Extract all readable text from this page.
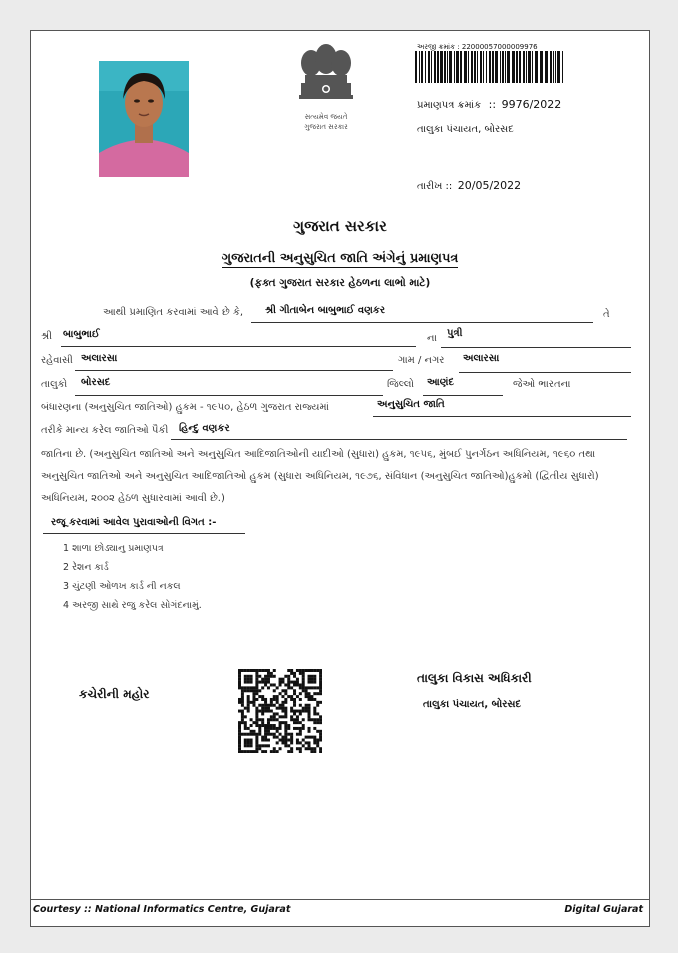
સત્યમેવ જયતે
ગુજરાત સરકાર
અરજી ક્રમાંક : 22000057000009976
પ્રમાણપત્ર ક્રમાંક :: 9976/2022
તાલુકા પંચાયત, બોરસદ
તારીખ :: 20/05/2022
ગુજરાત સરકાર
ગુજરાતની અનુસુચિત જાતિ અંગેનું પ્રમાણપત્ર
(ફક્ત ગુજરાત સરકાર હેઠળના લાભો માટે)
આથી પ્રમાણિત કરવામાં આવે છે કે, શ્રી ગીતાબેન બાબુભાઈ વણકર	તે
શ્રી બાબુભાઈ	ના પુત્રી
રહેવાસી અલારસા	ગામ / નગર અલારસા
તાલુકો બોરસદ	જિલ્લો આણંદ	જેઓ ભારતના
બંધારણના (અનુસુચિત જાતિઓ) હુકમ - ૧૯૫૦, હેઠળ ગુજરાત રાજ્યમાં	અનુસુચિત જાતિ
તરીકે માન્ય કરેલ જાતિઓ પૈકી હિન્દુ વણકર
જાતિના છે. (અનુસુચિત જાતિઓ અને અનુસુચિત આદિજાતિઓની યાદીઓ (સુધારા) હુકમ, ૧૯૫૬, મુંબઈ પુનર્ગઠન અધિનિયમ, ૧૯૬૦ તથા
અનુસુચિત જાતિઓ અને અનુસુચિત આદિજાતિઓ હુકમ (સુધારા અધિનિયમ, ૧૯૭૬, સંવિધાન (અનુસુચિત જાતિઓ)હુકમો (દ્વિતીય સુધારો)
અધિનિયમ, ૨૦૦૨ હેઠળ સુધારવામાં આવી છે.)
રજૂ કરવામાં આવેલ પુરાવાઓની વિગત :-
1 શાળા છોડ્યાનુ પ્રમાણપત્ર
2 રેશન કાર્ડ
3 ચુંટણી ઓળખ કાર્ડ ની નકલ
4 અરજી સાથે રજુ કરેલ સોગંદનામું.
કચેરીની મહોર
તાલુકા વિકાસ અધિકારી
તાલુકા પંચાયત, બોરસદ
Courtesy :: National Informatics Centre, Gujarat	Digital Gujarat
